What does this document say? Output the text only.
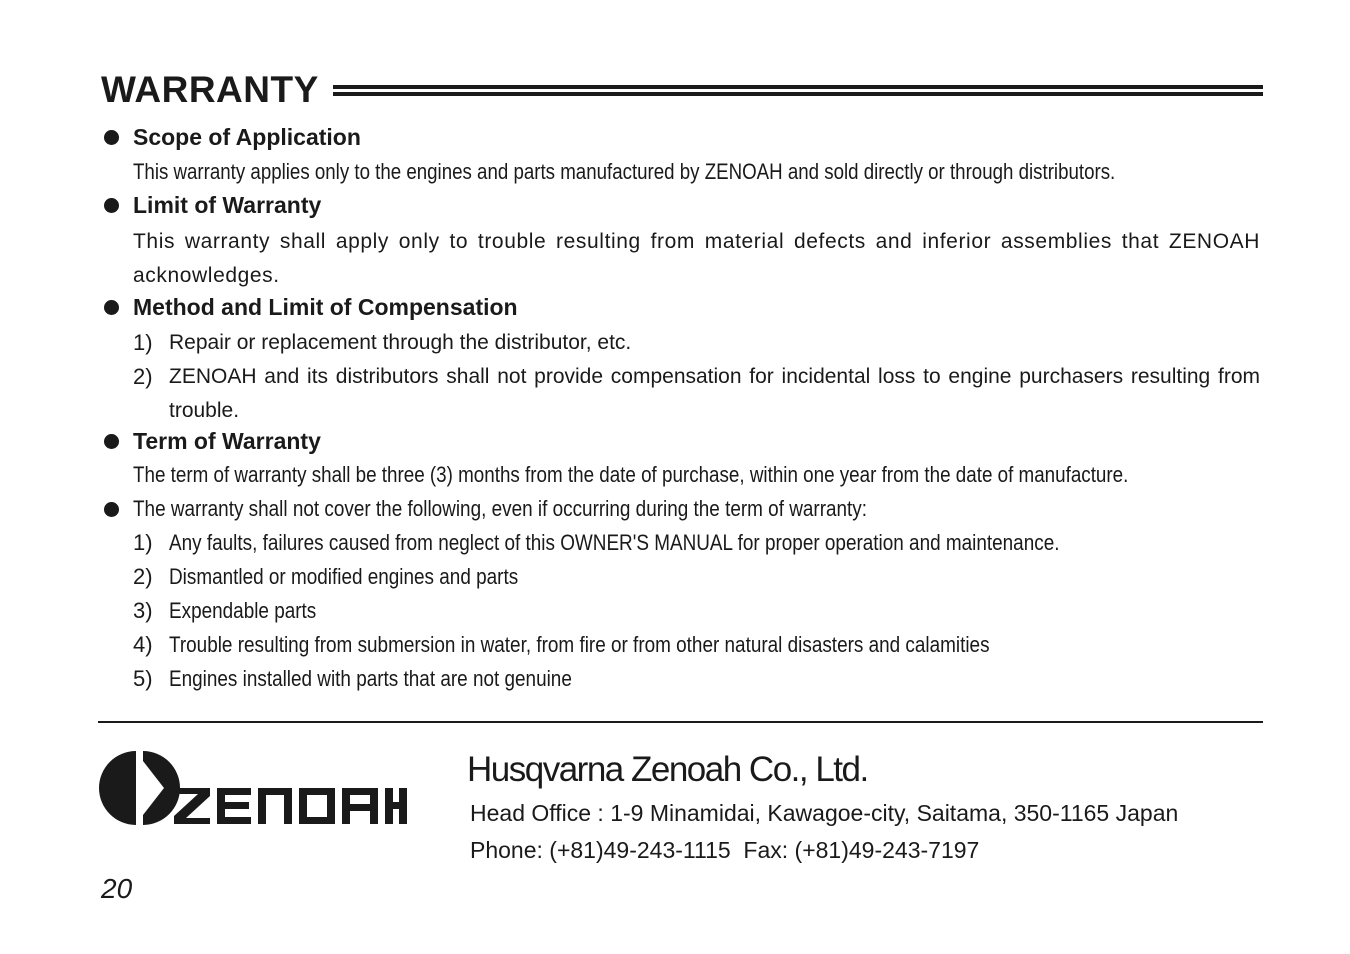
WARRANTY
Scope of Application
This warranty applies only to the engines and parts manufactured by ZENOAH and sold directly or through distributors.
Limit of Warranty
This warranty shall apply only to trouble resulting from material defects and inferior assemblies that ZENOAH acknowledges.
Method and Limit of Compensation
1) Repair or replacement through the distributor, etc.
2) ZENOAH and its distributors shall not provide compensation for incidental loss to engine purchasers resulting from trouble.
Term of Warranty
The term of warranty shall be three (3) months from the date of purchase, within one year from the date of manufacture.
The warranty shall not cover the following, even if occurring during the term of warranty:
1) Any faults, failures caused from neglect of this OWNER'S MANUAL for proper operation and maintenance.
2) Dismantled or modified engines and parts
3) Expendable parts
4) Trouble resulting from submersion in water, from fire or from other natural disasters and calamities
5) Engines installed with parts that are not genuine
Husqvarna Zenoah Co., Ltd.
Head Office : 1-9 Minamidai, Kawagoe-city, Saitama, 350-1165 Japan
Phone: (+81)49-243-1115  Fax: (+81)49-243-7197
20
